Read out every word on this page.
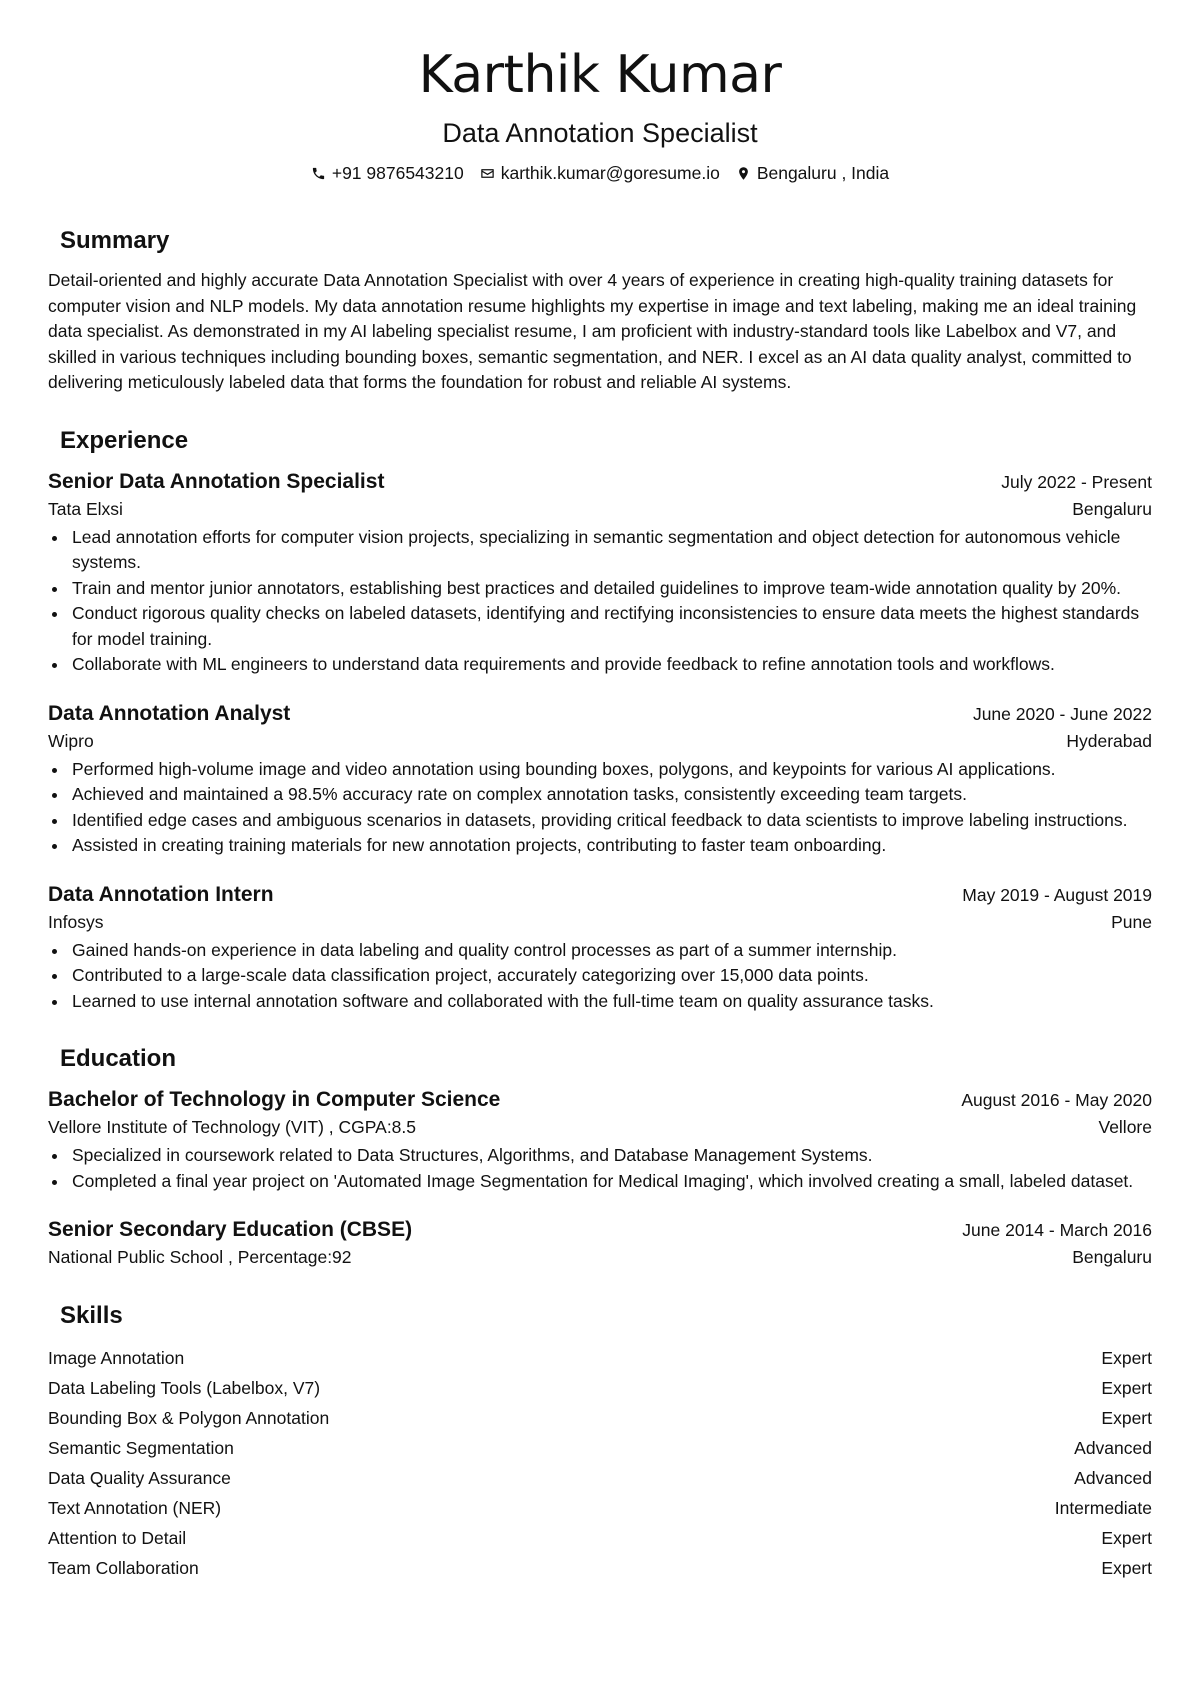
Karthik Kumar
Data Annotation Specialist
+91 9876543210 karthik.kumar@goresume.io Bengaluru , India
Summary

Detail-oriented and highly accurate Data Annotation Specialist with over 4 years of experience in creating high-quality training datasets for computer vision and NLP models. My data annotation resume highlights my expertise in image and text labeling, making me an ideal training data specialist. As demonstrated in my AI labeling specialist resume, I am proficient with industry-standard tools like Labelbox and V7, and skilled in various techniques including bounding boxes, semantic segmentation, and NER. I excel as an AI data quality analyst, committed to delivering meticulously labeled data that forms the foundation for robust and reliable AI systems.

Experience
Senior Data Annotation Specialist	July 2022 - Present
Tata Elxsi	Bengaluru
Lead annotation efforts for computer vision projects, specializing in semantic segmentation and object detection for autonomous vehicle systems.
Train and mentor junior annotators, establishing best practices and detailed guidelines to improve team-wide annotation quality by 20%.
Conduct rigorous quality checks on labeled datasets, identifying and rectifying inconsistencies to ensure data meets the highest standards for model training.
Collaborate with ML engineers to understand data requirements and provide feedback to refine annotation tools and workflows.
Data Annotation Analyst	June 2020 - June 2022
Wipro	Hyderabad
Performed high-volume image and video annotation using bounding boxes, polygons, and keypoints for various AI applications.
Achieved and maintained a 98.5% accuracy rate on complex annotation tasks, consistently exceeding team targets.
Identified edge cases and ambiguous scenarios in datasets, providing critical feedback to data scientists to improve labeling instructions.
Assisted in creating training materials for new annotation projects, contributing to faster team onboarding.
Data Annotation Intern	May 2019 - August 2019
Infosys	Pune
Gained hands-on experience in data labeling and quality control processes as part of a summer internship.
Contributed to a large-scale data classification project, accurately categorizing over 15,000 data points.
Learned to use internal annotation software and collaborated with the full-time team on quality assurance tasks.
Education
Bachelor of Technology in Computer Science	August 2016 - May 2020
Vellore Institute of Technology (VIT) , CGPA:8.5	Vellore
Specialized in coursework related to Data Structures, Algorithms, and Database Management Systems.
Completed a final year project on 'Automated Image Segmentation for Medical Imaging', which involved creating a small, labeled dataset.
Senior Secondary Education (CBSE)	June 2014 - March 2016
National Public School , Percentage:92	Bengaluru
Skills
Image Annotation	Expert
Data Labeling Tools (Labelbox, V7)	Expert
Bounding Box & Polygon Annotation	Expert
Semantic Segmentation	Advanced
Data Quality Assurance	Advanced
Text Annotation (NER)	Intermediate
Attention to Detail	Expert
Team Collaboration	Expert
